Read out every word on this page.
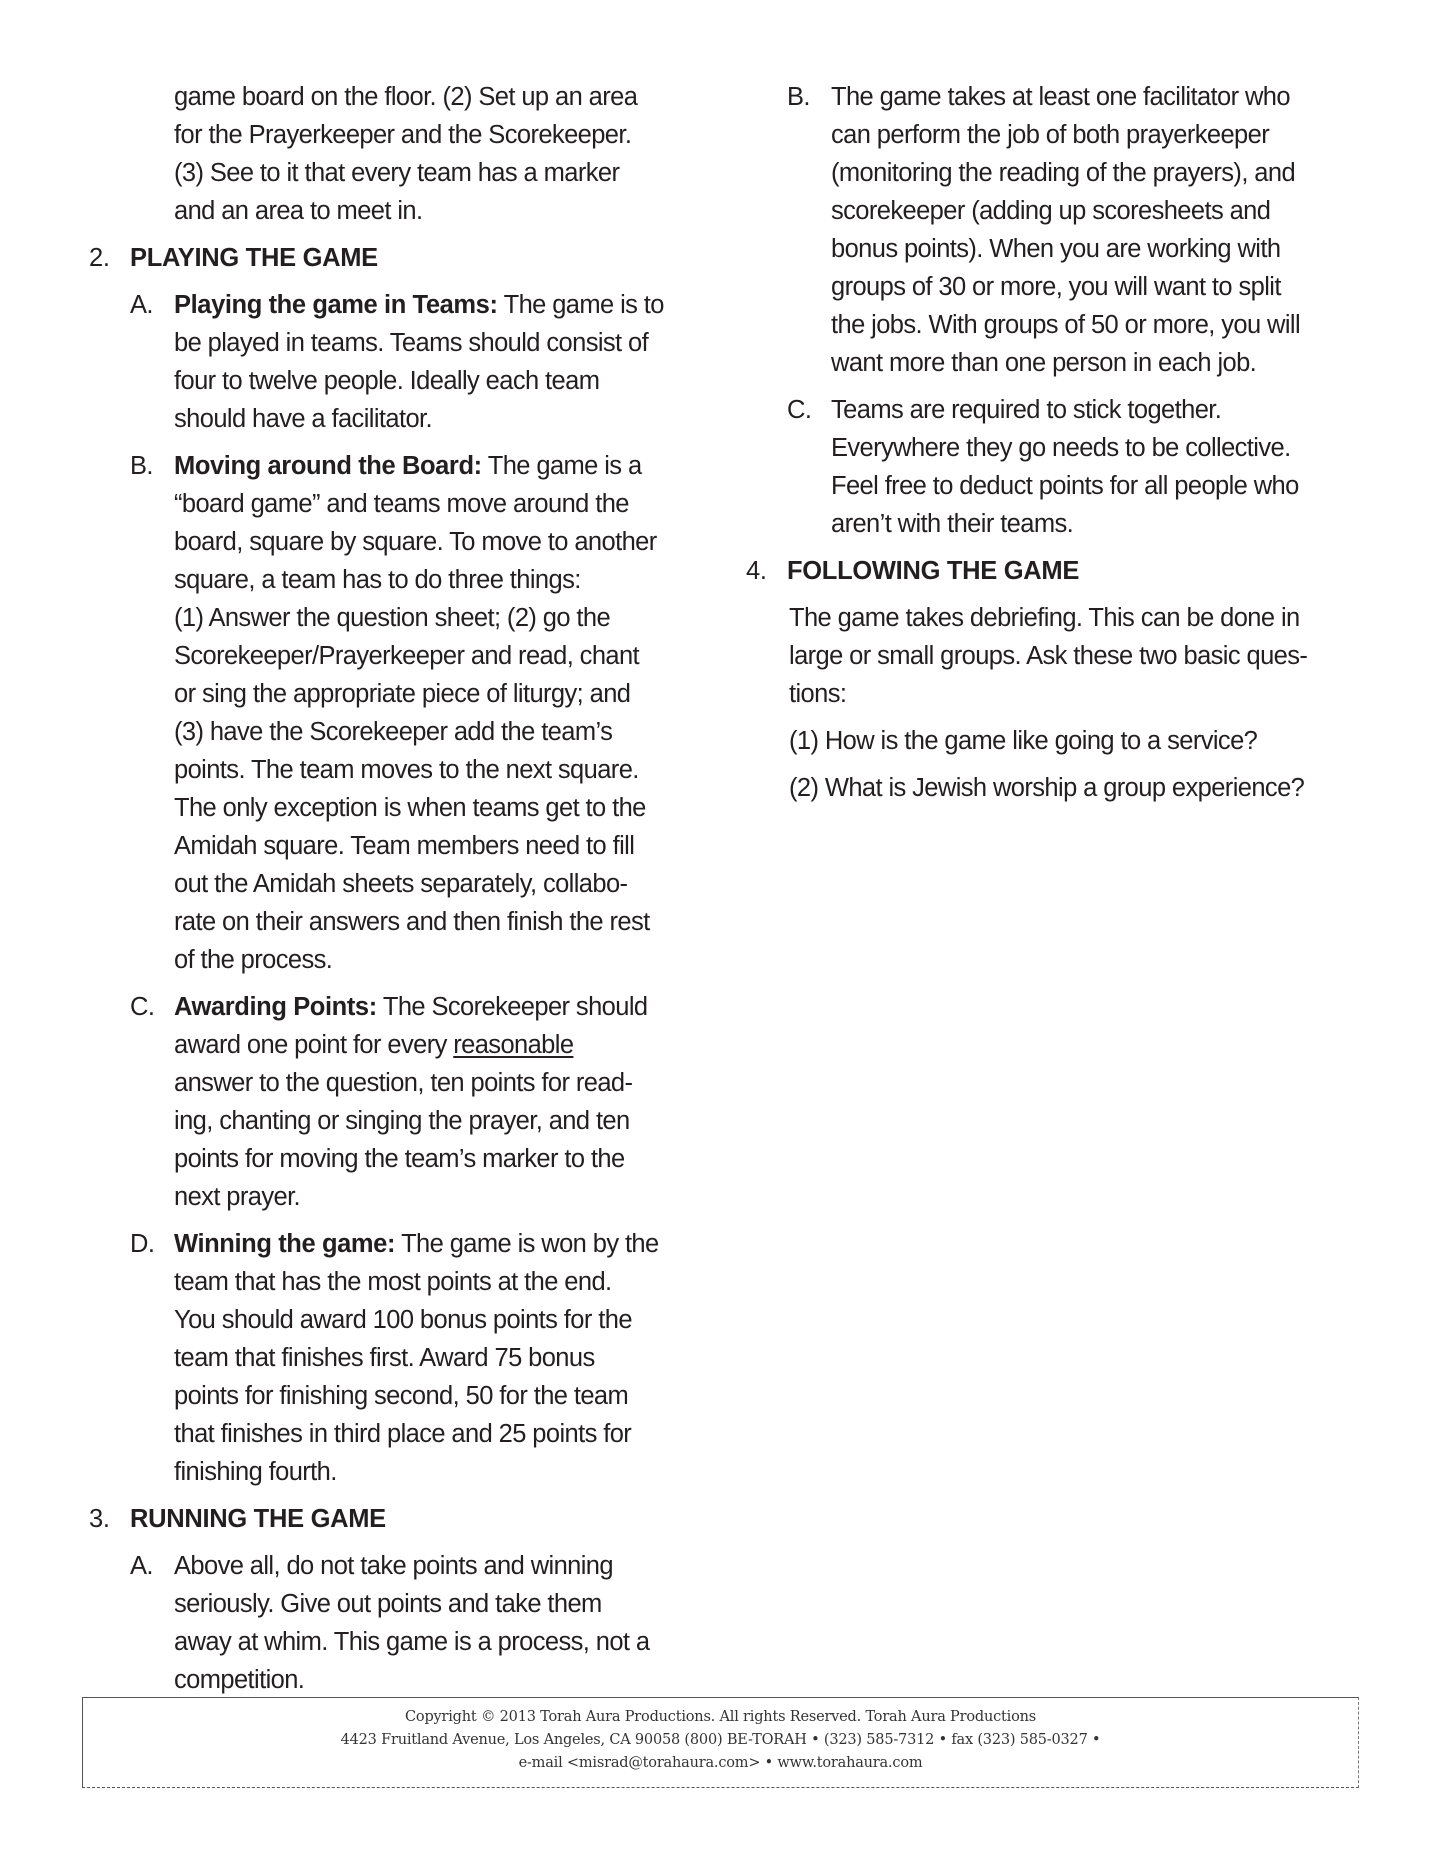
game board on the floor. (2) Set up an area
for the Prayerkeeper and the Scorekeeper.
(3) See to it that every team has a marker
and an area to meet in.
2. PLAYING THE GAME
A. Playing the game in Teams: The game is to
be played in teams. Teams should consist of
four to twelve people. Ideally each team
should have a facilitator.
B. Moving around the Board: The game is a
“board game” and teams move around the
board, square by square. To move to another
square, a team has to do three things:
(1) Answer the question sheet; (2) go the
Scorekeeper/Prayerkeeper and read, chant
or sing the appropriate piece of liturgy; and
(3) have the Scorekeeper add the team’s
points. The team moves to the next square.
The only exception is when teams get to the
Amidah square. Team members need to fill
out the Amidah sheets separately, collabo-
rate on their answers and then finish the rest
of the process.
C. Awarding Points: The Scorekeeper should
award one point for every reasonable
answer to the question, ten points for read-
ing, chanting or singing the prayer, and ten
points for moving the team’s marker to the
next prayer.
D. Winning the game: The game is won by the
team that has the most points at the end.
You should award 100 bonus points for the
team that finishes first. Award 75 bonus
points for finishing second, 50 for the team
that finishes in third place and 25 points for
finishing fourth.
3. RUNNING THE GAME
A. Above all, do not take points and winning
seriously. Give out points and take them
away at whim. This game is a process, not a
competition.
B. The game takes at least one facilitator who
can perform the job of both prayerkeeper
(monitoring the reading of the prayers), and
scorekeeper (adding up scoresheets and
bonus points). When you are working with
groups of 30 or more, you will want to split
the jobs. With groups of 50 or more, you will
want more than one person in each job.
C. Teams are required to stick together.
Everywhere they go needs to be collective.
Feel free to deduct points for all people who
aren’t with their teams.
4. FOLLOWING THE GAME
The game takes debriefing. This can be done in
large or small groups. Ask these two basic ques-
tions:
(1) How is the game like going to a service?
(2) What is Jewish worship a group experience?
Copyright © 2013 Torah Aura Productions. All rights Reserved. Torah Aura Productions
4423 Fruitland Avenue, Los Angeles, CA 90058 (800) BE-TORAH • (323) 585-7312 • fax (323) 585-0327 •
e-mail <misrad@torahaura.com> • www.torahaura.com
